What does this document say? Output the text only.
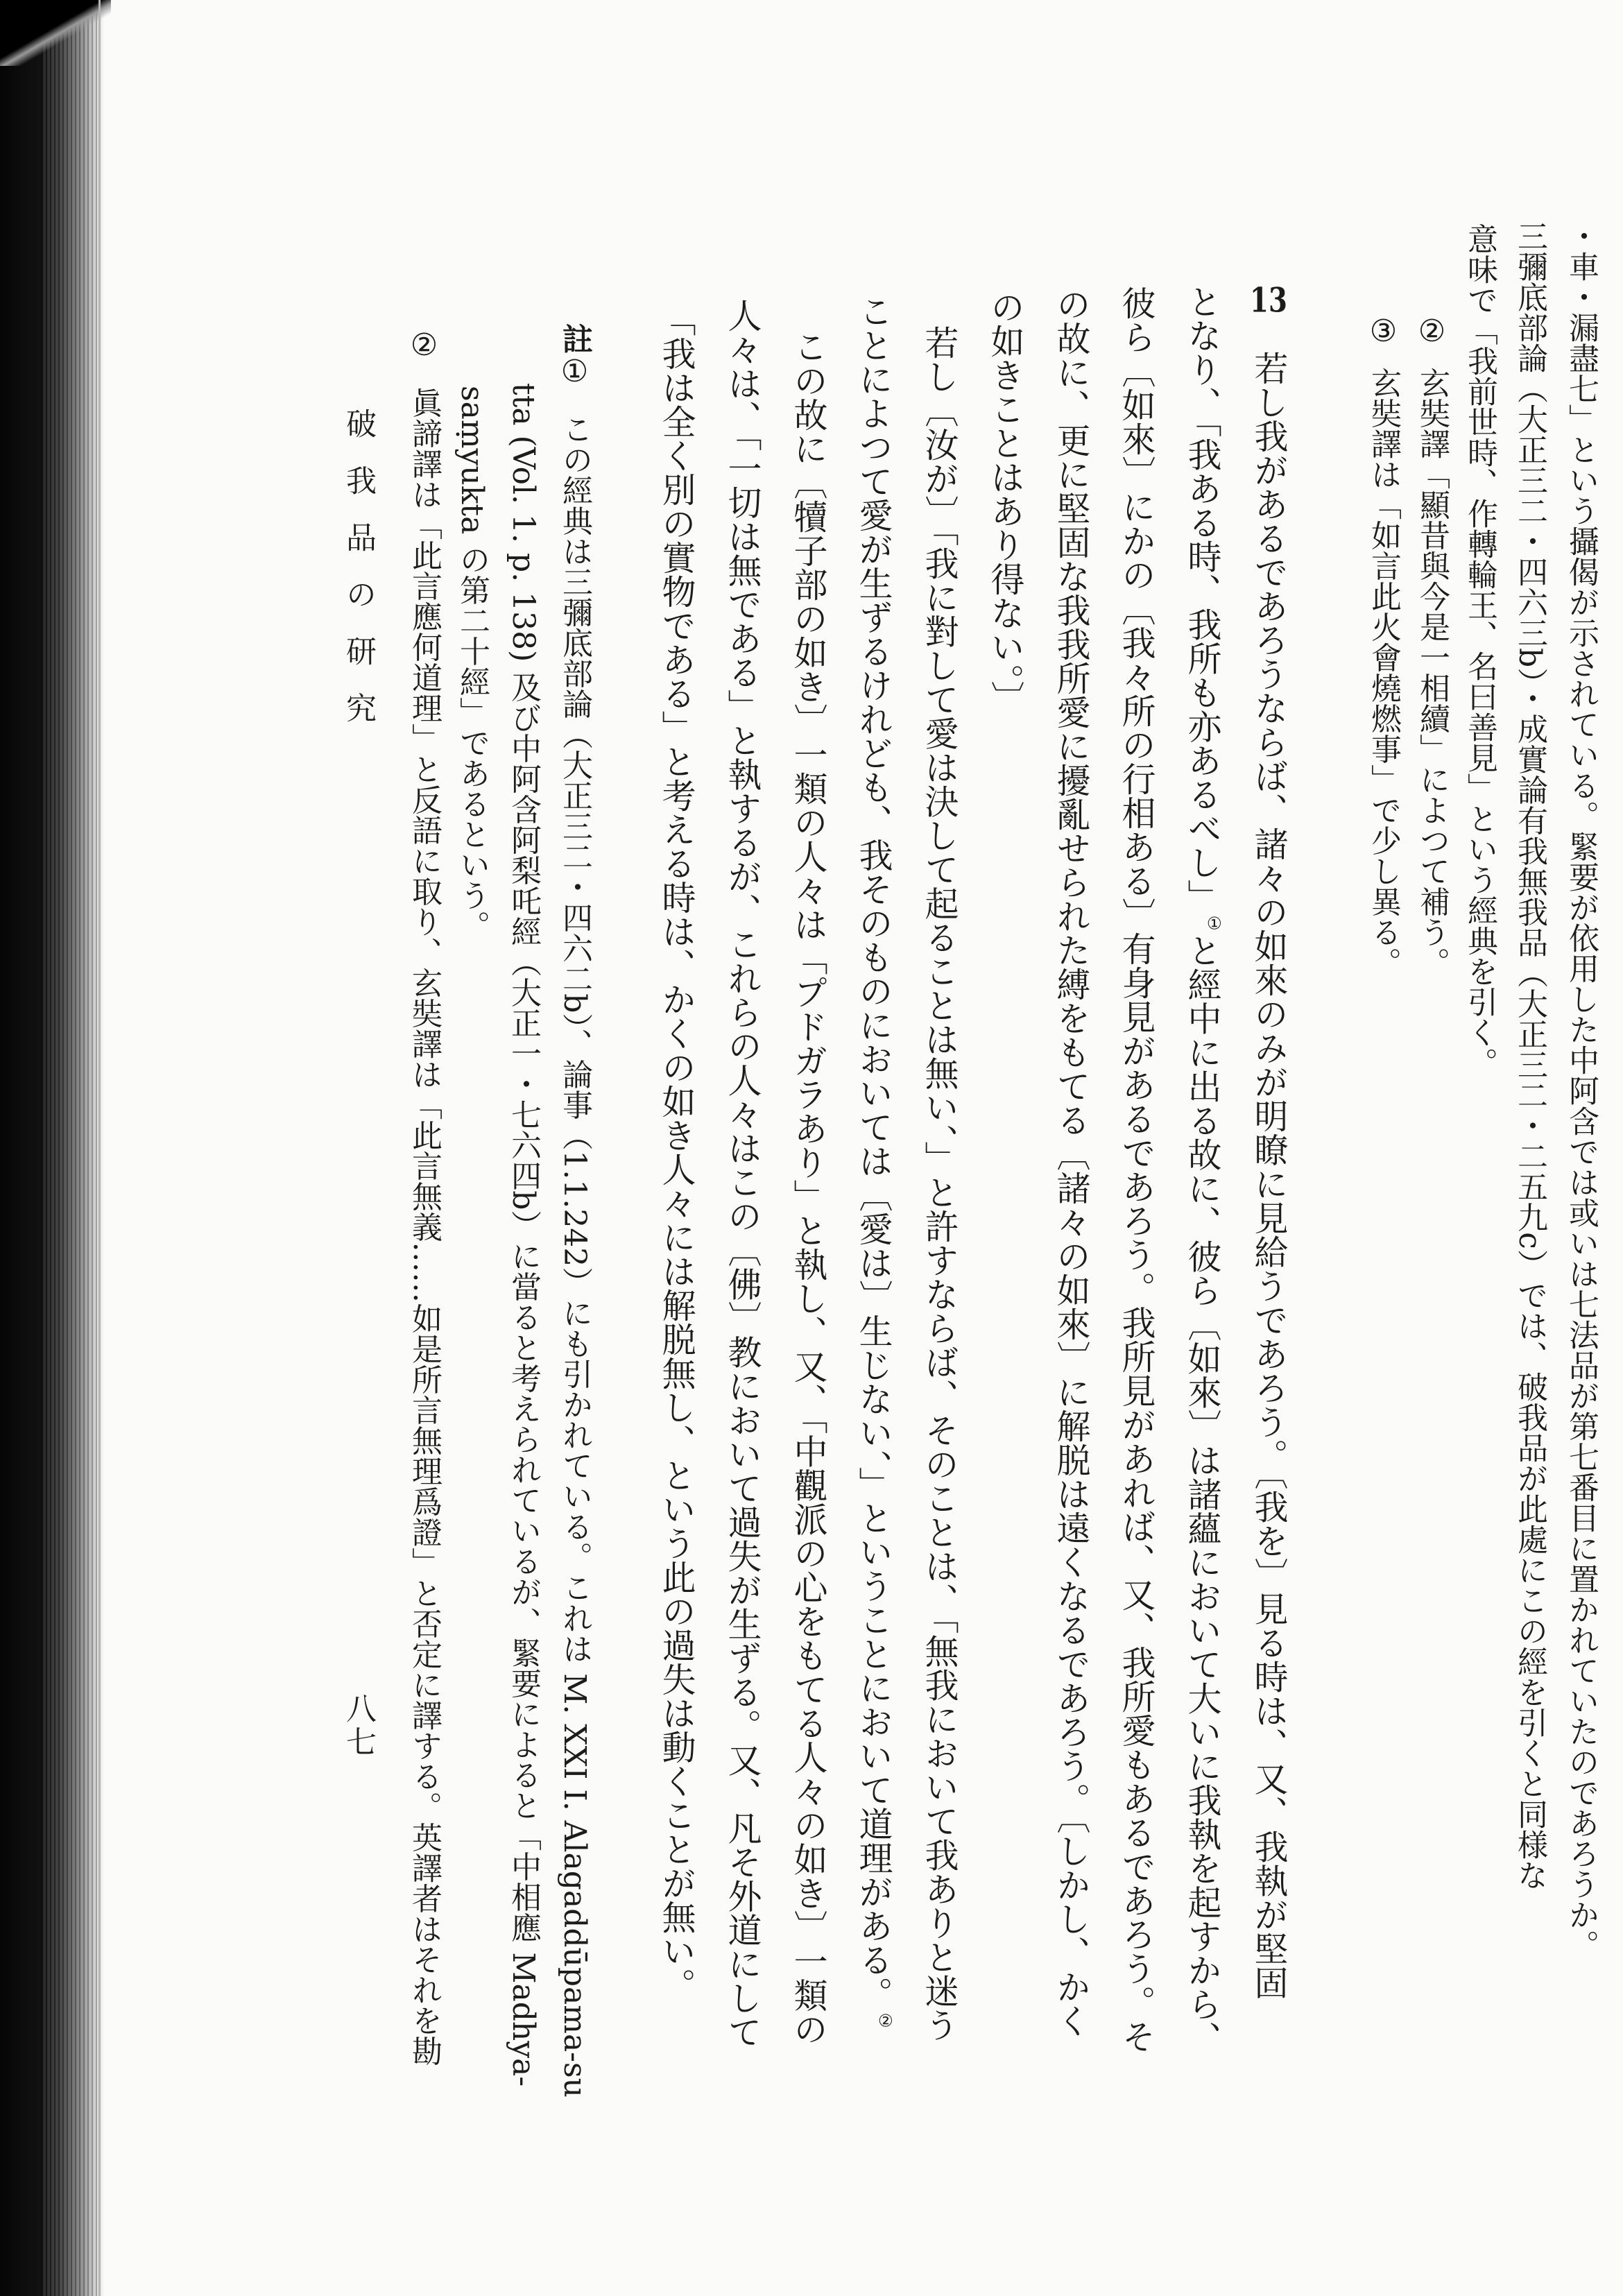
・車・漏盡七」という攝偈が示されている。緊要が依用した中阿含では或いは七法品が第七番目に置かれていたのであろうか。
三彌底部論（大正三二・四六三b）・成實論有我無我品（大正三二・二五九c）では、破我品が此處にこの經を引くと同様な
意味で「我前世時、作轉輪王、名曰善見」という經典を引く。
②玄奘譯「顯昔與今是一相續」によつて補う。
③玄奘譯は「如言此火會燒燃事」で少し異る。
13若し我があるであろうならば、諸々の如來のみが明瞭に見給うであろう。〔我を〕見る時は、又、我執が堅固
となり、「我ある時、我所も亦あるべし」①と經中に出る故に、彼ら〔如來〕は諸蘊において大いに我執を起すから、
彼ら〔如來〕にかの〔我々所の行相ある〕有身見があるであろう。我所見があれば、又、我所愛もあるであろう。そ
の故に、更に堅固な我我所愛に擾亂せられた縛をもてる〔諸々の如來〕に解脱は遠くなるであろう。〔しかし、かく
の如きことはあり得ない。〕
若し〔汝が〕「我に對して愛は決して起ることは無い、」と許すならば、そのことは、「無我において我ありと迷う
ことによつて愛が生ずるけれども、我そのものにおいては〔愛は〕生じない、」ということにおいて道理がある。②
この故に〔犢子部の如き〕一類の人々は「プドガラあり」と執し、又、「中觀派の心をもてる人々の如き〕一類の
人々は、「一切は無である」と執するが、これらの人々はこの〔佛〕教において過失が生ずる。又、凡そ外道にして
「我は全く別の實物である」と考える時は、かくの如き人々には解脱無し、という此の過失は動くことが無い。
註①この經典は三彌底部論（大正三二・四六二b）、論事（1.1.242）にも引かれている。これは M. XXI I. Alagaddūpama-su
tta (Vol. 1. p. 138) 及び中阿含阿梨吒經（大正一・七六四b）に當ると考えられているが、緊要によると「中相應 Madhya-
saṃyukta の第二十經」であるという。
②眞諦譯は「此言應何道理」と反語に取り、玄奘譯は「此言無義……如是所言無理爲證」と否定に譯する。英譯者はそれを勘
破我品の研究
八七
